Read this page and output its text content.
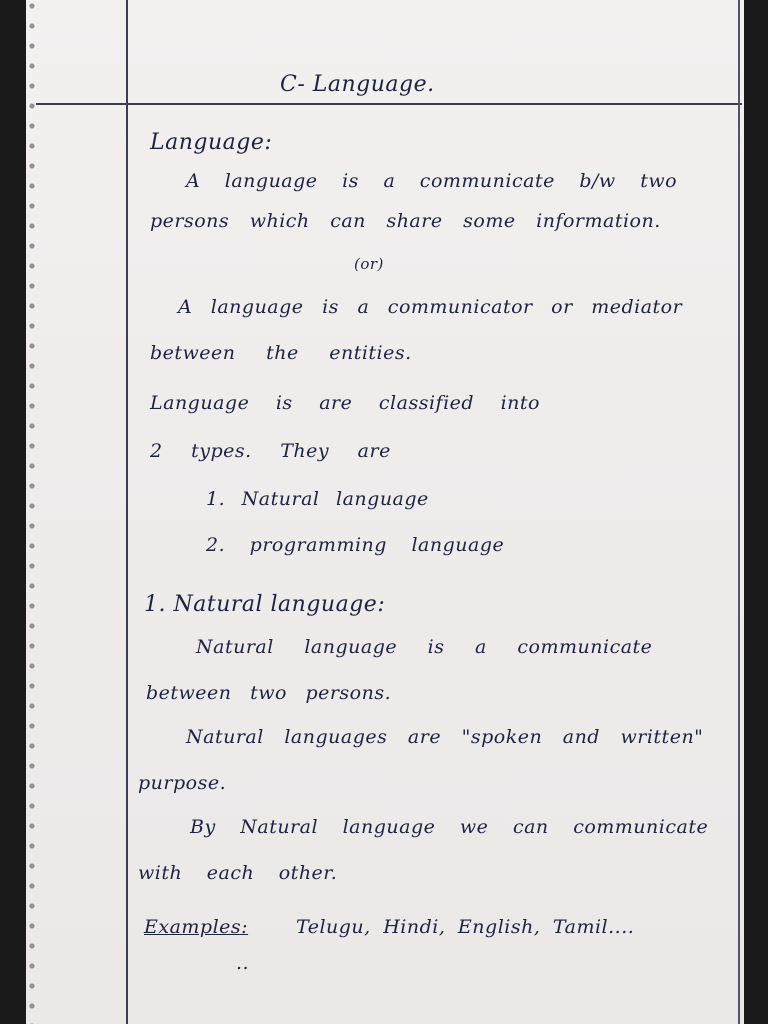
C- Language.
Language:
A language is a communicate b/w two
persons which can share some information.
(or)
A language is a communicator or mediator
between the entities.
Language is are classified into
2 types. They are
1. Natural language
2. programming language
1. Natural language:
Natural language is a communicate
between two persons.
Natural languages are "spoken and written"
purpose.
By Natural language we can communicate
with each other.
Examples:	Telugu, Hindi, English, Tamil....
..
